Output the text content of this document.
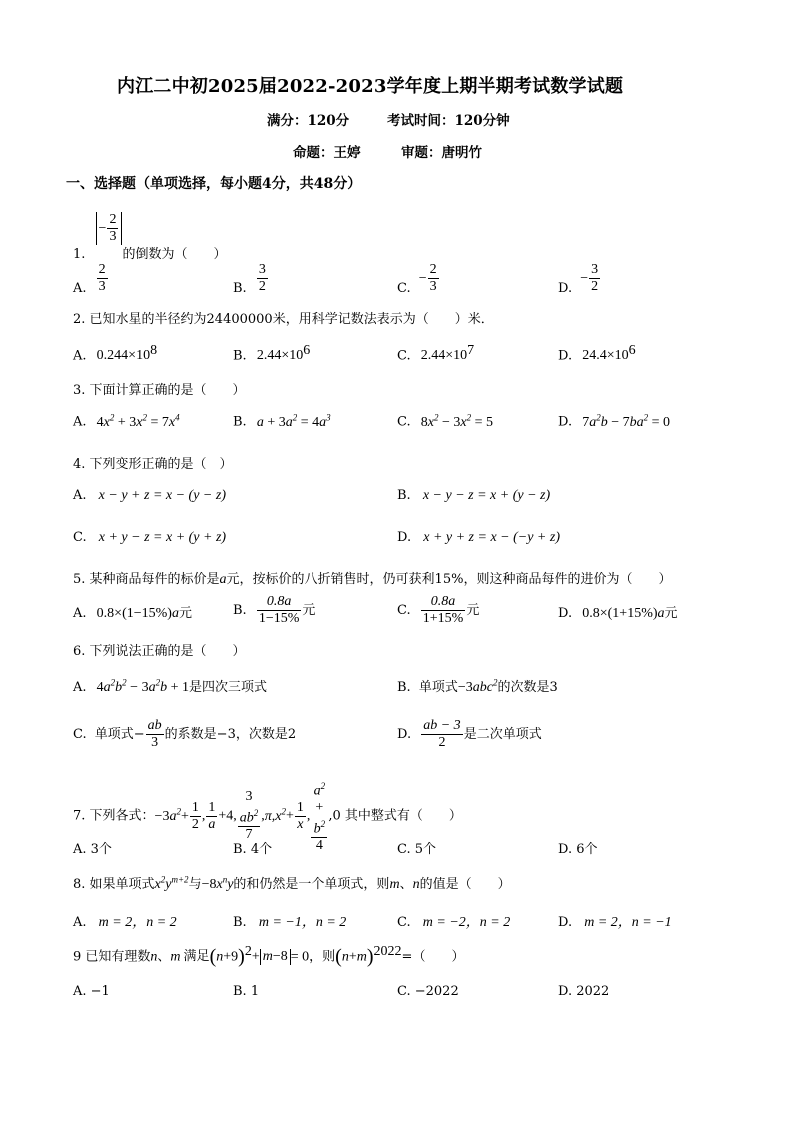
内江二中初2025届2022-2023学年度上期半期考试数学试题
满分：120分	考试时间：120分钟
命题：王婷	审题：唐明竹
一、选择题（单项选择，每小题4分，共48分）
1. − $\frac{2}{3}$
的倒数为（　　）
A. $\frac{2}{3}$	B. $\frac{3}{2}$	C. − $\frac{2}{3}$	D. − $\frac{3}{2}$
2. 已知水星的半径约为24400000米，用科学记数法表示为（　　）米．
A. $0.244\times 10^8$	B. $2.44\times 10^6$	C. $2.44\times 10^7$	D. $24.4\times 10^6$
3. 下面计算正确的是（　　）
A. $4x^2 + 3x^2 = 7x^4$	B. $a + 3a^2 = 4a^3$	C. $8x^2 - 3x^2 = 5$	D. $7a^2b - 7ba^2 = 0$
4. 下列变形正确的是（　）
A. x − y + z = x − (y − z)	B. x − y − z = x + (y − z)
C. x + y − z = x + (y + z)	D. x + y + z = x − (−y + z)
5. 某种商品每件的标价是a元，按标价的八折销售时，仍可获利15%，则这种商品每件的进价为（　　）
A. 0.8×(1−15%)a元	B. $\frac{0.8a}{1-15\%}$ 元	C. $\frac{0.8a}{1+15\%}$ 元	D. 0.8×(1+15%)a元
6. 下列说法正确的是（　　）
A. $4a^2b^2 - 3a^2b + 1$是四次三项式	B. 单项式−3abc$^2$的次数是3
C. 单项式− $\frac{ab}{3}$ 的系数是−3，次数是2	D. $\frac{ab - 3}{2}$ 是二次单项式
7. 下列各式：$-3a^2+ \frac{1}{2}$ , $\frac{1}{a} +4$, 3
$ab^2$
7 $,\pi,x^2+ \frac{1}{x}$ , $a^2$
+
$b^2$
4 ,0 其中整式有（　　）
A. 3个	B. 4个	C. 5个	D. 6个
8. 如果单项式$x^2y^{m+2}$与$-8x^ny$的和仍然是一个单项式，则m、n的值是（　　）
A. m = 2，n = 2	B. m = −1，n = 2	C. m = −2，n = 2	D. m = 2，n = −1
9 已知有理数n、m 满足$(n+9)^2+ m-8 = 0$，则$(n+m)^{2022}=$（　　）
A. −1	B. 1	C. −2022	D. 2022
